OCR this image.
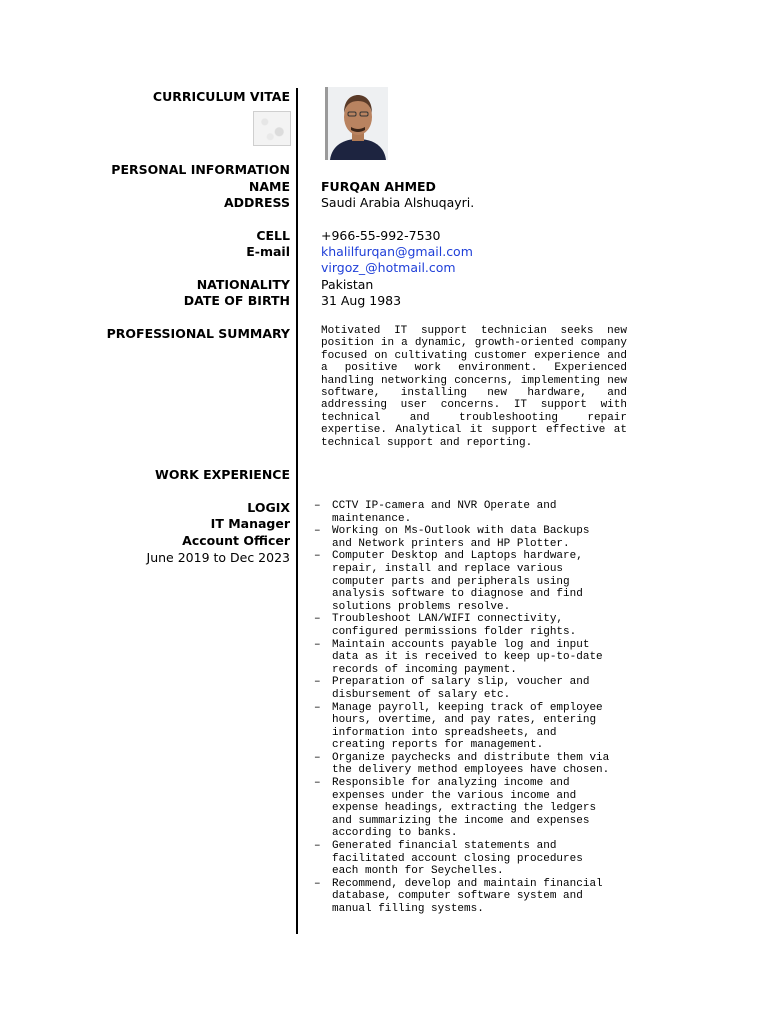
CURRICULUM VITAE
PERSONAL INFORMATION
NAME FURQAN AHMED
ADDRESS Saudi Arabia Alshuqayri.
CELL +966-55-992-7530
E-mail khalilfurqan@gmail.com
virgoz_@hotmail.com
NATIONALITY Pakistan
DATE OF BIRTH 31 Aug 1983
PROFESSIONAL SUMMARY	Motivated IT support technician seeks new position in a dynamic, growth-oriented company focused on cultivating customer experience and a positive work environment. Experienced handling networking concerns, implementing new software, installing new hardware, and addressing user concerns. IT support with technical and troubleshooting repair expertise. Analytical it support effective at technical support and reporting.
WORK EXPERIENCE
LOGIX
IT Manager
Account Officer
June 2019 to Dec 2023
– CCTV IP-camera and NVR Operate and
maintenance.
– Working on Ms-Outlook with data Backups
and Network printers and HP Plotter.
– Computer Desktop and Laptops hardware,
repair, install and replace various
computer parts and peripherals using
analysis software to diagnose and find
solutions problems resolve.
– Troubleshoot LAN/WIFI connectivity,
configured permissions folder rights.
– Maintain accounts payable log and input
data as it is received to keep up-to-date
records of incoming payment.
– Preparation of salary slip, voucher and
disbursement of salary etc.
– Manage payroll, keeping track of employee
hours, overtime, and pay rates, entering
information into spreadsheets, and
creating reports for management.
– Organize paychecks and distribute them via
the delivery method employees have chosen.
– Responsible for analyzing income and
expenses under the various income and
expense headings, extracting the ledgers
and summarizing the income and expenses
according to banks.
– Generated financial statements and
facilitated account closing procedures
each month for Seychelles.
– Recommend, develop and maintain financial
database, computer software system and
manual filling systems.
